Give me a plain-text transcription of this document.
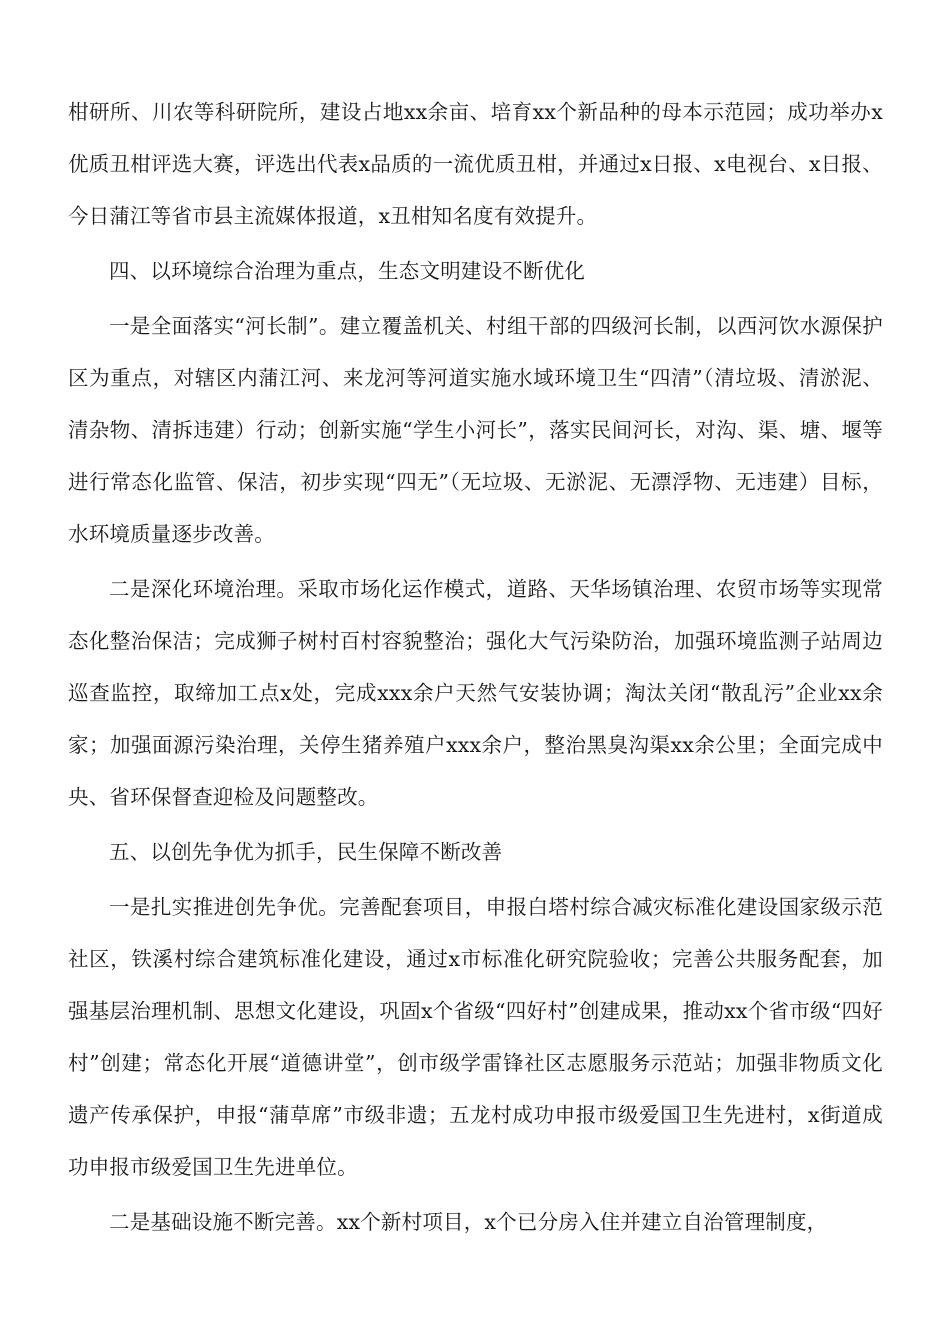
柑研所、川农等科研院所，建设占地xx余亩、培育xx个新品种的母本示范园；成功举办x优质丑柑评选大赛，评选出代表x品质的一流优质丑柑，并通过x日报、x电视台、x日报、今日蒲江等省市县主流媒体报道，x丑柑知名度有效提升。

四、以环境综合治理为重点，生态文明建设不断优化

一是全面落实“河长制”。建立覆盖机关、村组干部的四级河长制，以西河饮水源保护区为重点，对辖区内蒲江河、来龙河等河道实施水域环境卫生“四清”（清垃圾、清淤泥、清杂物、清拆违建）行动；创新实施“学生小河长”，落实民间河长，对沟、渠、塘、堰等进行常态化监管、保洁，初步实现“四无”（无垃圾、无淤泥、无漂浮物、无违建）目标，水环境质量逐步改善。

二是深化环境治理。采取市场化运作模式，道路、天华场镇治理、农贸市场等实现常态化整治保洁；完成狮子树村百村容貌整治；强化大气污染防治，加强环境监测子站周边巡查监控，取缔加工点x处，完成xxx余户天然气安装协调；淘汰关闭“散乱污”企业xx余家；加强面源污染治理，关停生猪养殖户xxx余户，整治黑臭沟渠xx余公里；全面完成中央、省环保督查迎检及问题整改。

五、以创先争优为抓手，民生保障不断改善

一是扎实推进创先争优。完善配套项目，申报白塔村综合减灾标准化建设国家级示范社区，铁溪村综合建筑标准化建设，通过x市标准化研究院验收；完善公共服务配套，加强基层治理机制、思想文化建设，巩固x个省级“四好村”创建成果，推动xx个省市级“四好村”创建；常态化开展“道德讲堂”，创市级学雷锋社区志愿服务示范站；加强非物质文化遗产传承保护，申报“蒲草席”市级非遗；五龙村成功申报市级爱国卫生先进村，x街道成功申报市级爱国卫生先进单位。

二是基础设施不断完善。xx个新村项目，x个已分房入住并建立自治管理制度，
